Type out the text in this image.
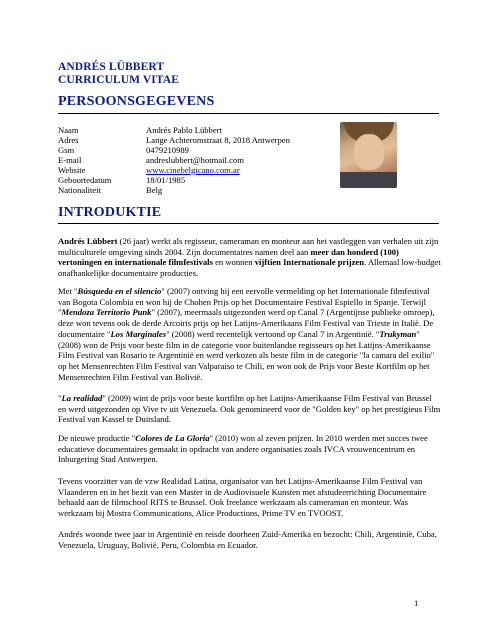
ANDRÉS LÜBBERT
CURRICULUM VITAE
PERSOONSGEGEVENS
Naam	Andrés Pablo Lübbert
Adres	Lange Achteromstraat 8, 2018 Antwerpen
Gsm	0479210989
E-mail	andreslubbert@hotmail.com
Website	www.cinebelgicano.com.ar
Geboortedatum	18/01/1985
Nationaliteit	Belg
INTRODUKTIE
Andrés Lübbert (26 jaar) werkt als regisseur, cameraman en monteur aan het vastleggen van verhalen uit zijn multiculturele omgeving sinds 2004. Zijn documentaires namen deel aan meer dan honderd (100) vertoningen en internationale filmfestivals en wonnen vijftien Internationale prijzen. Allemaal low-budget onafhankelijke documentaire producties.
Met "Búsqueda en el silencio" (2007) ontving hij een eervolle vermelding op het Internationale filmfestival van Bogota Colombia en won hij de Chohen Prijs op het Documentaire Festival Espiello in Spanje. Terwijl "Mendoza Territorio Punk" (2007), meermaals uitgezonden werd op Canal 7 (Argentijnse publieke omroep), deze won tevens ook de derde Arcoiris prijs op het Latijns-Amerikaans Film Festival van Trieste in Italië. De documentaire "Los Marginales" (2008) werd recentelijk vertoond op Canal 7 in Argentinië. "Trukyman" (2008) won de Prijs voor beste film in de categorie voor buitenlandse regisseurs op het Latijns-Amerikaanse Film Festival van Rosario te Argentinië en werd verkozen als beste film in de categorie "la camara del exilio" op het Mensenrechten Film Festival van Valparaiso te Chili, en won ook de Prijs voor Beste Kortfilm op het Mensenrechten Film Festival van Bolivië.
"La realidad" (2009) wint de prijs voor beste kortfilm op het Latijns-Amerikaanse Film Festival van Brussel en werd uitgezonden op Vive tv uit Venezuela. Ook genomineerd voor de "Golden key" op het prestigieus Film Festival van Kassel te Duitsland.
De nieuwe productie "Colores de La Gloria" (2010) won al zeven prijzen. In 2010 werden met succes twee educatieve documentaires gemaakt in opdracht van andere organisaties zoals IVCA vrouwencentrum en Inburgering Stad Antwerpen.
Tevens voorzitter van de vzw Realidad Latina, organisator van het Latijns-Amerikaanse Film Festival van Vlaanderen en in het bezit van een Master in de Audiovisuele Kunsten met afstudeerrichting Documentaire behaald aan de filmschool RITS te Brussel. Ook freelance werkzaam als cameraman en monteur. Was werkzaam bij Mostra Communications, Alice Productions, Prime TV en TVOOST.
Andrés woonde twee jaar in Argentinië en reisde doorheen Zuid-Amerika en bezocht: Chili, Argentinië, Cuba, Venezuela, Uruguay, Bolivië, Peru, Colombia en Ecuador.
1
